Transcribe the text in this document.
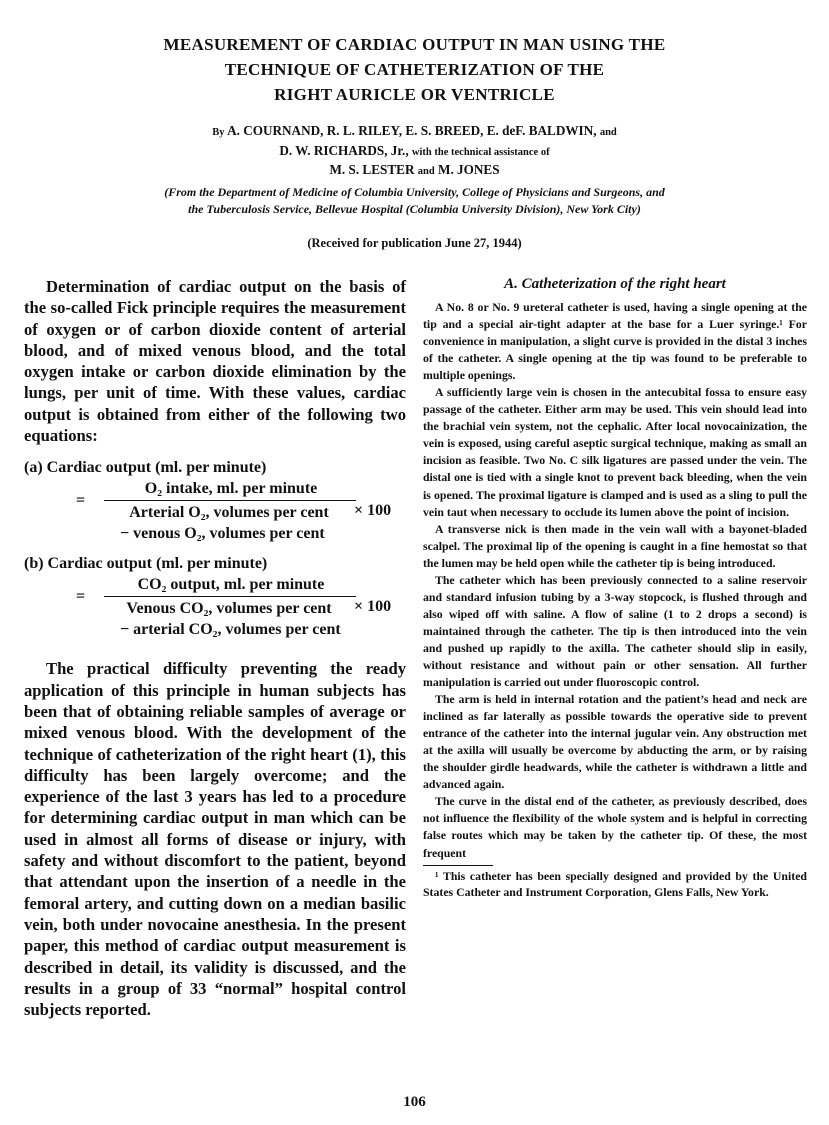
MEASUREMENT OF CARDIAC OUTPUT IN MAN USING THE
TECHNIQUE OF CATHETERIZATION OF THE
RIGHT AURICLE OR VENTRICLE
By A. COURNAND, R. L. RILEY, E. S. BREED, E. deF. BALDWIN, and
D. W. RICHARDS, Jr., with the technical assistance of
M. S. LESTER and M. JONES
(From the Department of Medicine of Columbia University, College of Physicians and Surgeons, and
the Tuberculosis Service, Bellevue Hospital (Columbia University Division), New York City)
(Received for publication June 27, 1944)

Determination of cardiac output on the basis of the so-called Fick principle requires the measurement of oxygen or of carbon dioxide content of arterial blood, and of mixed venous blood, and the total oxygen intake or carbon dioxide elimination by the lungs, per unit of time. With these values, cardiac output is obtained from either of the following two equations:

(a) Cardiac output (ml. per minute)

=
O₂ intake, ml. per minute
Arterial O₂, volumes per cent
− venous O₂, volumes per cent
× 100

(b) Cardiac output (ml. per minute)

=
CO₂ output, ml. per minute
Venous CO₂, volumes per cent
− arterial CO₂, volumes per cent
× 100

The practical difficulty preventing the ready application of this principle in human subjects has been that of obtaining reliable samples of average or mixed venous blood. With the development of the technique of catheterization of the right heart (1), this difficulty has been largely overcome; and the experience of the last 3 years has led to a procedure for determining cardiac output in man which can be used in almost all forms of disease or injury, with safety and without discomfort to the patient, beyond that attendant upon the insertion of a needle in the femoral artery, and cutting down on a median basilic vein, both under novocaine anesthesia. In the present paper, this method of cardiac output measurement is described in detail, its validity is discussed, and the results in a group of 33 “normal” hospital control subjects reported.

A. Catheterization of the right heart

A No. 8 or No. 9 ureteral catheter is used, having a single opening at the tip and a special air-tight adapter at the base for a Luer syringe.¹ For convenience in manipulation, a slight curve is provided in the distal 3 inches of the catheter. A single opening at the tip was found to be preferable to multiple openings.

A sufficiently large vein is chosen in the antecubital fossa to ensure easy passage of the catheter. Either arm may be used. This vein should lead into the brachial vein system, not the cephalic. After local novocainization, the vein is exposed, using careful aseptic surgical technique, making as small an incision as feasible. Two No. C silk ligatures are passed under the vein. The distal one is tied with a single knot to prevent back bleeding, when the vein is opened. The proximal ligature is clamped and is used as a sling to pull the vein taut when necessary to occlude its lumen above the point of incision.

A transverse nick is then made in the vein wall with a bayonet-bladed scalpel. The proximal lip of the opening is caught in a fine hemostat so that the lumen may be held open while the catheter tip is being introduced.

The catheter which has been previously connected to a saline reservoir and standard infusion tubing by a 3-way stopcock, is flushed through and also wiped off with saline. A flow of saline (1 to 2 drops a second) is maintained through the catheter. The tip is then introduced into the vein and pushed up rapidly to the axilla. The catheter should slip in easily, without resistance and without pain or other sensation. All further manipulation is carried out under fluoroscopic control.

The arm is held in internal rotation and the patient’s head and neck are inclined as far laterally as possible towards the operative side to prevent entrance of the catheter into the internal jugular vein. Any obstruction met at the axilla will usually be overcome by abducting the arm, or by raising the shoulder girdle headwards, while the catheter is withdrawn a little and advanced again.

The curve in the distal end of the catheter, as previously described, does not influence the flexibility of the whole system and is helpful in correcting false routes which may be taken by the catheter tip. Of these, the most frequent

¹ This catheter has been specially designed and provided by the United States Catheter and Instrument Corporation, Glens Falls, New York.

106
